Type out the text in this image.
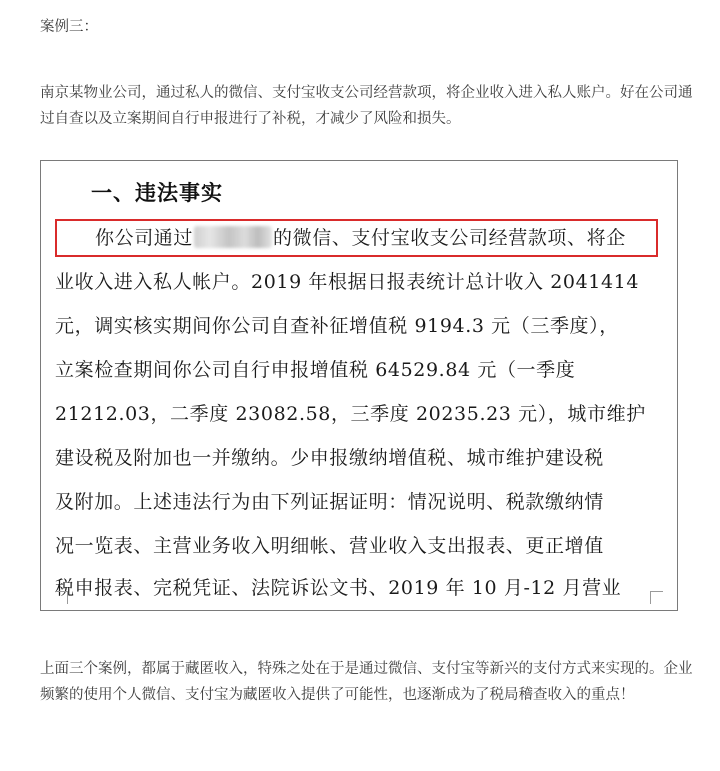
案例三：

南京某物业公司，通过私人的微信、支付宝收支公司经营款项，将企业收入进入私人账户。好在公司通过自查以及立案期间自行申报进行了补税，才减少了风险和损失。

一、违法事实
你公司通过	的微信、支付宝收支公司经营款项、将企
业收入进入私人帐户。2019 年根据日报表统计总计收入 2041414
元，调实核实期间你公司自查补征增值税 9194.3 元（三季度），
立案检查期间你公司自行申报增值税 64529.84 元（一季度
21212.03，二季度 23082.58，三季度 20235.23 元），城市维护
建设税及附加也一并缴纳。少申报缴纳增值税、城市维护建设税
及附加。上述违法行为由下列证据证明：情况说明、税款缴纳情
况一览表、主营业务收入明细帐、营业收入支出报表、更正增值
税申报表、完税凭证、法院诉讼文书、2019 年 10 月-12 月营业

上面三个案例，都属于藏匿收入，特殊之处在于是通过微信、支付宝等新兴的支付方式来实现的。企业频繁的使用个人微信、支付宝为藏匿收入提供了可能性，也逐渐成为了税局稽查收入的重点！
